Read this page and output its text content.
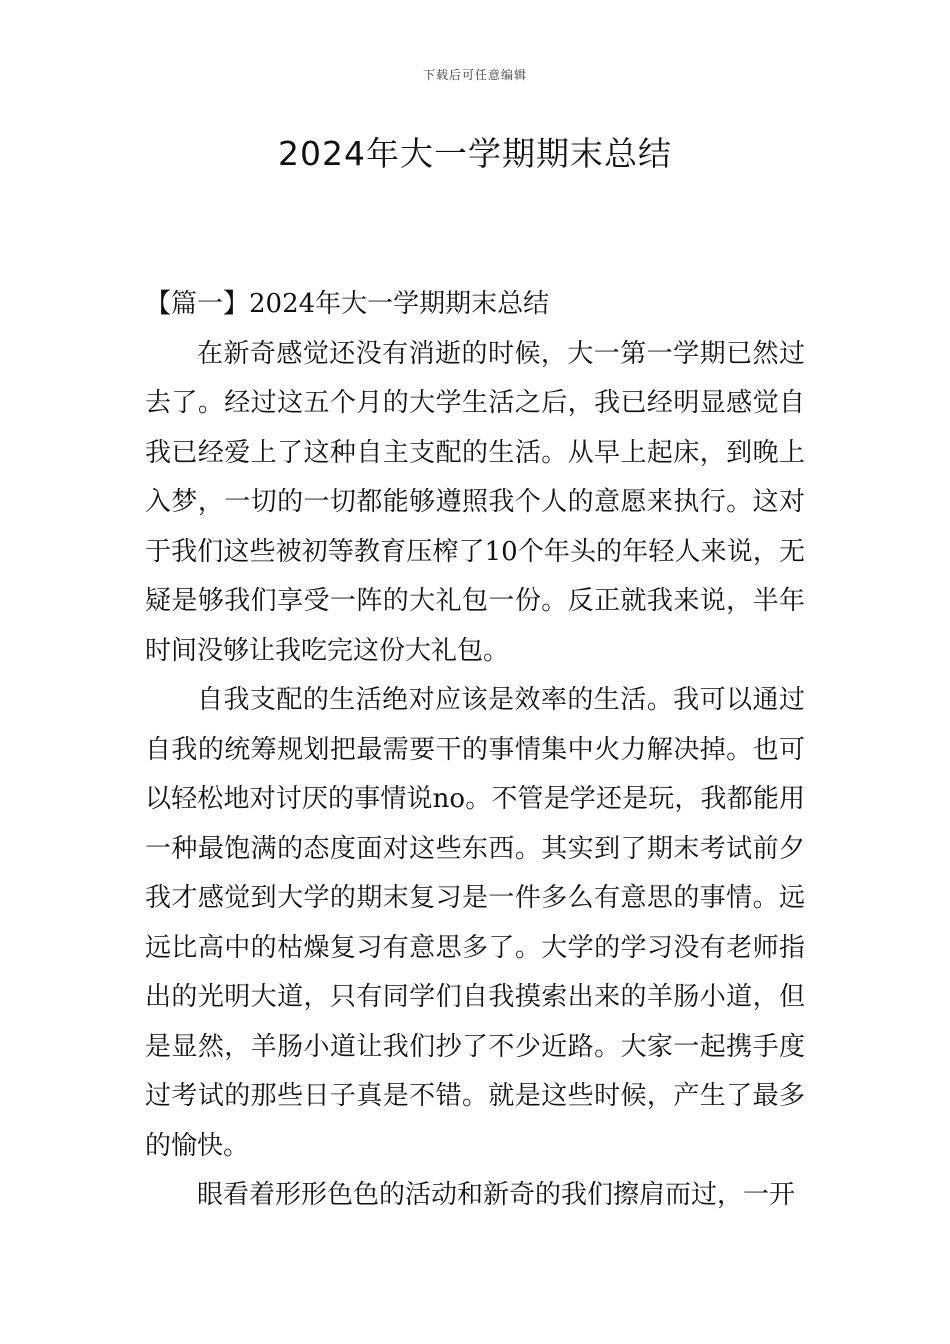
下载后可任意编辑
2024年大一学期期末总结

【篇一】2024年大一学期期末总结

在新奇感觉还没有消逝的时候，大一第一学期已然过去了。经过这五个月的大学生活之后，我已经明显感觉自我已经爱上了这种自主支配的生活。从早上起床，到晚上入梦，一切的一切都能够遵照我个人的意愿来执行。这对于我们这些被初等教育压榨了10个年头的年轻人来说，无疑是够我们享受一阵的大礼包一份。反正就我来说，半年时间没够让我吃完这份大礼包。

自我支配的生活绝对应该是效率的生活。我可以通过自我的统筹规划把最需要干的事情集中火力解决掉。也可以轻松地对讨厌的事情说no。不管是学还是玩，我都能用一种最饱满的态度面对这些东西。其实到了期末考试前夕我才感觉到大学的期末复习是一件多么有意思的事情。远远比高中的枯燥复习有意思多了。大学的学习没有老师指出的光明大道，只有同学们自我摸索出来的羊肠小道，但是显然，羊肠小道让我们抄了不少近路。大家一起携手度过考试的那些日子真是不错。就是这些时候，产生了最多的愉快。

眼看着形形色色的活动和新奇的我们擦肩而过，一开
